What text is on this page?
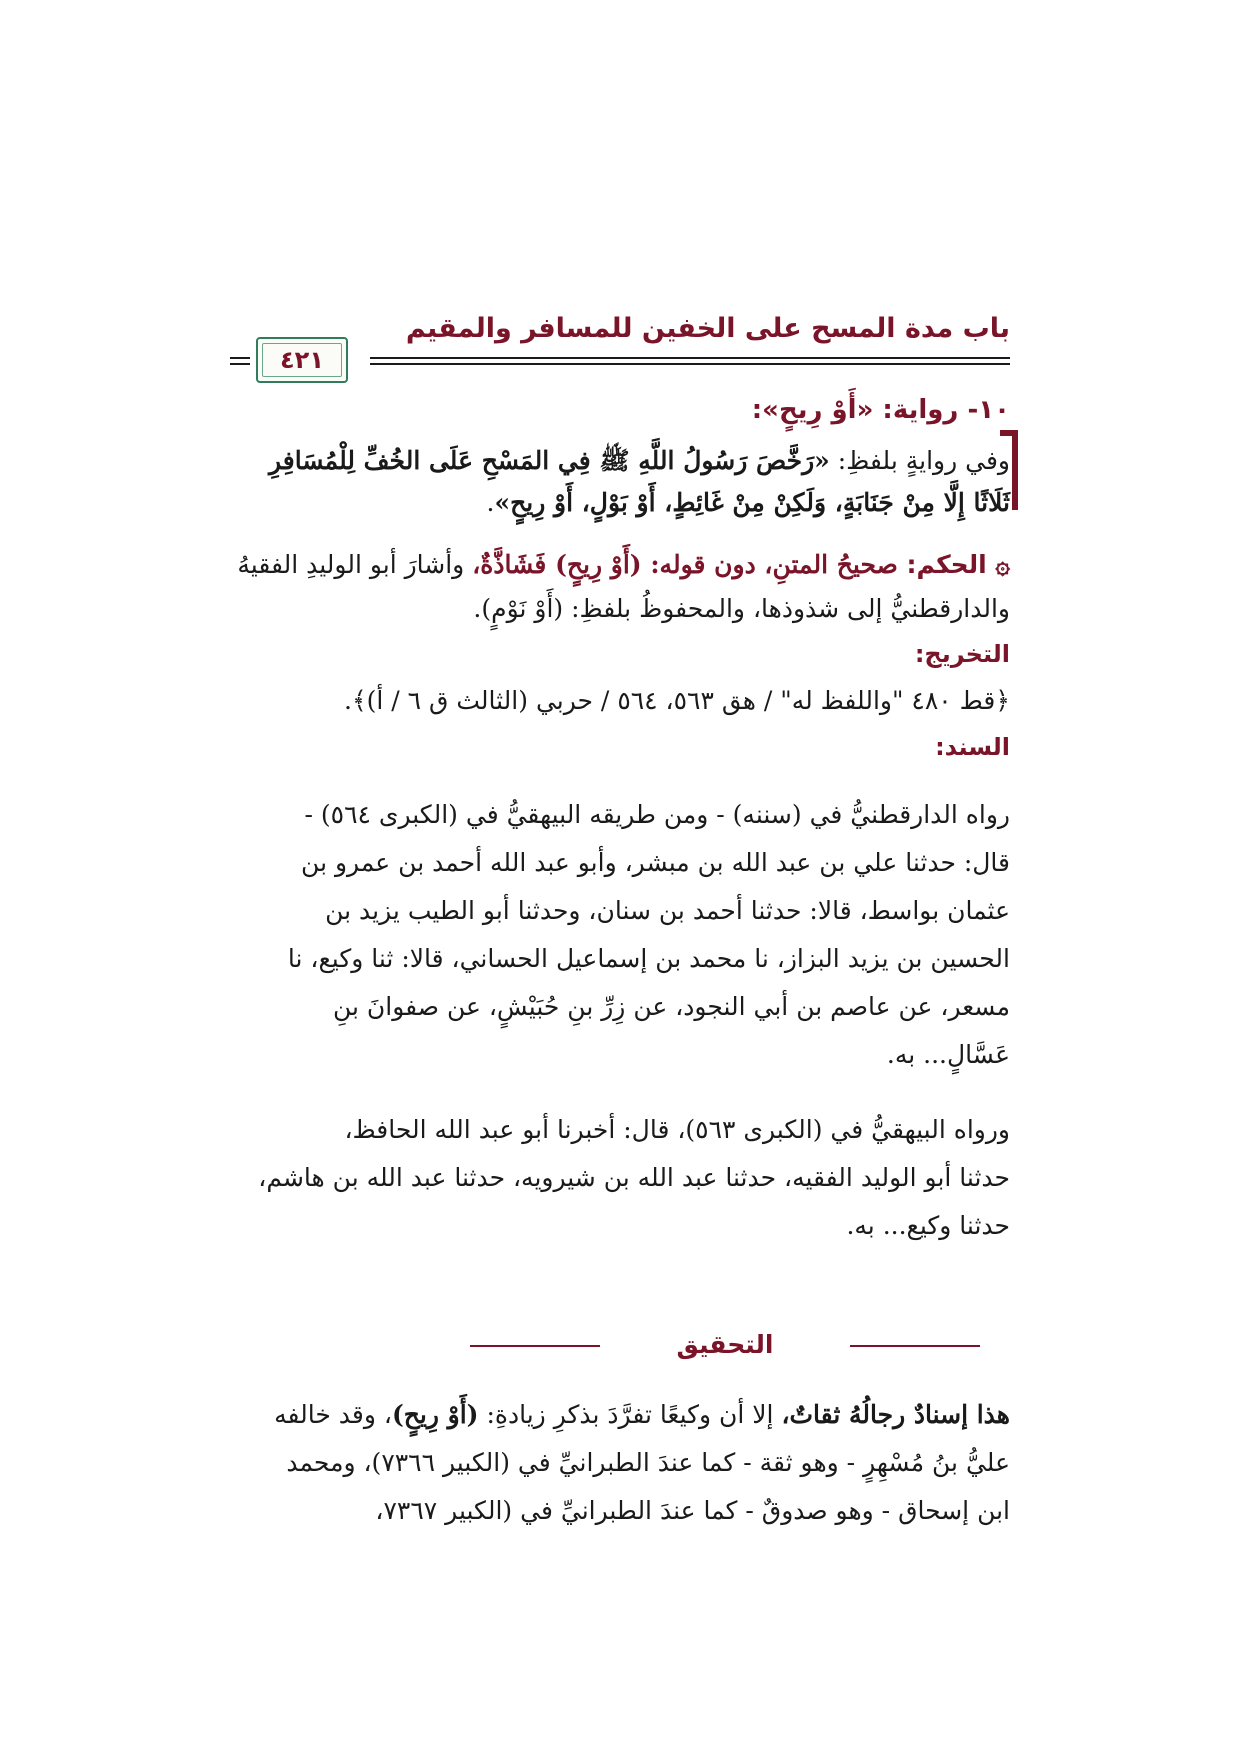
باب مدة المسح على الخفين للمسافر والمقيم
٤٢١
١٠- رواية: «أَوْ رِيحٍ»:
وفي روايةٍ بلفظِ: «رَخَّصَ رَسُولُ اللَّهِ ﷺ فِي المَسْحِ عَلَى الخُفِّ لِلْمُسَافِرِ
ثَلَاثًا إِلَّا مِنْ جَنَابَةٍ، وَلَكِنْ مِنْ غَائِطٍ، أَوْ بَوْلٍ، أَوْ رِيحٍ».
۞ الحكم: صحيحُ المتنِ، دون قوله: (أَوْ رِيحٍ) فَشَاذَّةٌ، وأشارَ أبو الوليدِ الفقيهُ
والدارقطنيُّ إلى شذوذها، والمحفوظُ بلفظِ: (أَوْ نَوْمٍ).
التخريج:
﴿قط ٤٨٠ "واللفظ له" / هق ٥٦٣، ٥٦٤ / حربي (الثالث ق ٦ / أ)﴾.
السند:
رواه الدارقطنيُّ في (سننه) - ومن طريقه البيهقيُّ في (الكبرى ٥٦٤) -
قال: حدثنا علي بن عبد الله بن مبشر، وأبو عبد الله أحمد بن عمرو بن
عثمان بواسط، قالا: حدثنا أحمد بن سنان، وحدثنا أبو الطيب يزيد بن
الحسين بن يزيد البزاز، نا محمد بن إسماعيل الحساني، قالا: ثنا وكيع، نا
مسعر، عن عاصم بن أبي النجود، عن زِرِّ بنِ حُبَيْشٍ، عن صفوانَ بنِ
عَسَّالٍ... به.
ورواه البيهقيُّ في (الكبرى ٥٦٣)، قال: أخبرنا أبو عبد الله الحافظ،
حدثنا أبو الوليد الفقيه، حدثنا عبد الله بن شيرويه، حدثنا عبد الله بن هاشم،
حدثنا وكيع... به.
التحقيق
هذا إسنادٌ رجالُهُ ثقاتٌ، إلا أن وكيعًا تفرَّدَ بذكرِ زيادةِ: (أَوْ رِيحٍ)، وقد خالفه
عليُّ بنُ مُسْهِرٍ - وهو ثقة - كما عندَ الطبرانيِّ في (الكبير ٧٣٦٦)، ومحمد
ابن إسحاق - وهو صدوقٌ - كما عندَ الطبرانيِّ في (الكبير ٧٣٦٧،
